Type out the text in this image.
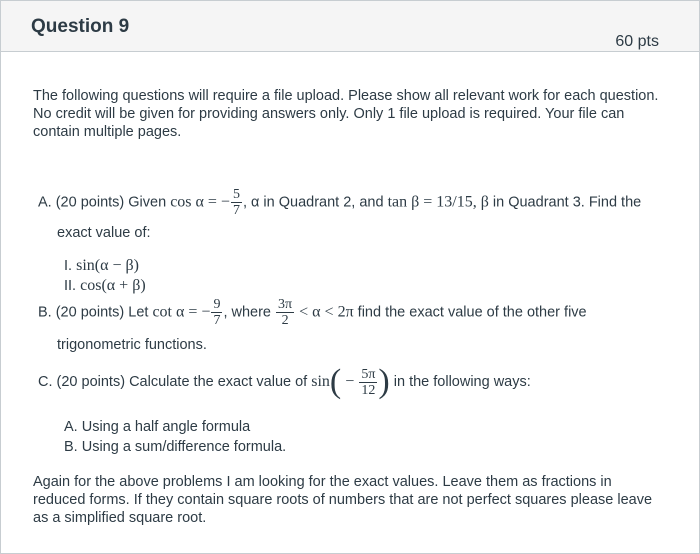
Question 9
60 pts
The following questions will require a file upload. Please show all relevant work for each question. No credit will be given for providing answers only. Only 1 file upload is required. Your file can contain multiple pages.
A. (20 points) Given cos α = − $\frac{5}{7}$ , α in Quadrant 2, and tan β = 13/15, β in Quadrant 3. Find the
exact value of:
I. sin(α − β)
II. cos(α + β)
B. (20 points) Let cot α = − $\frac{9}{7}$ , where $\frac{3\pi}{2} < \alpha < 2\pi$ find the exact value of the other five
trigonometric functions.
C. (20 points) Calculate the exact value of $\sin( - \frac{5\pi}{12}$ ) in the following ways:
A. Using a half angle formula
B. Using a sum/difference formula.
Again for the above problems I am looking for the exact values. Leave them as fractions in reduced forms. If they contain square roots of numbers that are not perfect squares please leave as a simplified square root.
